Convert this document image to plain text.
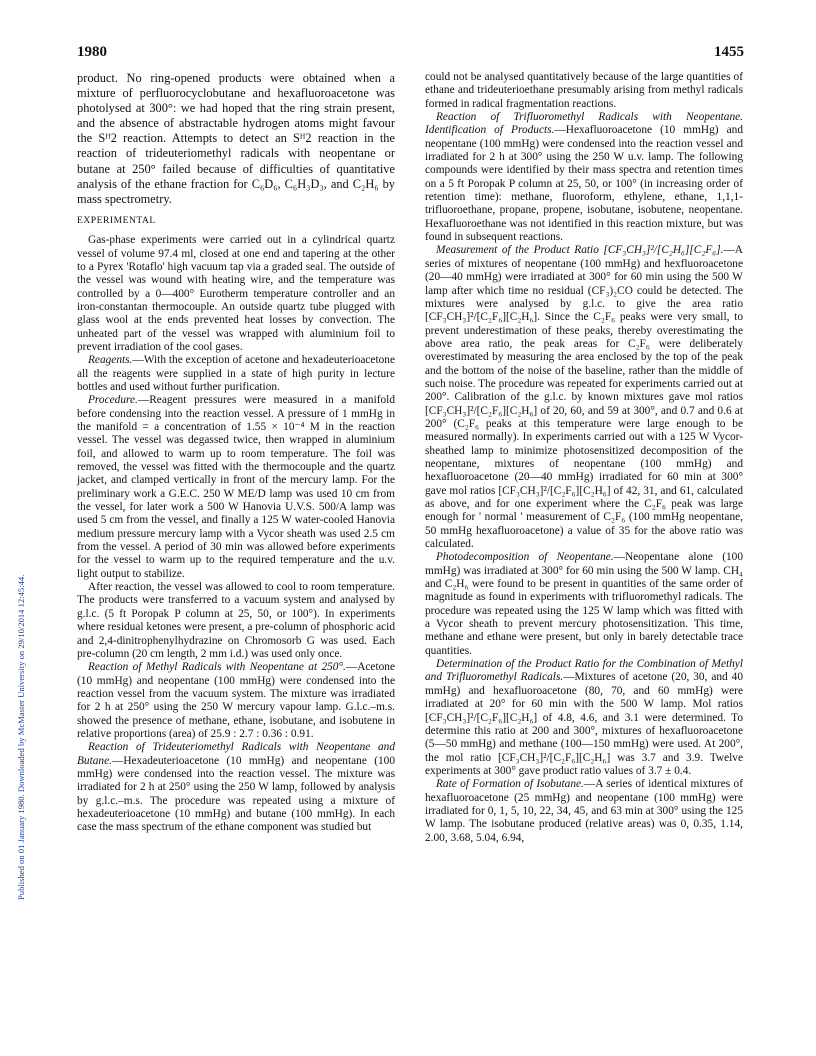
1980	1455
Published on 01 January 1980. Downloaded by McMaster University on 29/10/2014 12:45:44.

product. No ring-opened products were obtained when a mixture of perfluorocyclobutane and hexafluoroacetone was photolysed at 300°: we had hoped that the ring strain present, and the absence of abstractable hydrogen atoms might favour the Sᴴ2 reaction. Attempts to detect an Sᴴ2 reaction in the reaction of trideuteriomethyl radicals with neopentane or butane at 250° failed because of difficulties of quantitative analysis of the ethane fraction for C₆D₆, C₆H₃D₃, and C₂H₆ by mass spectrometry.

EXPERIMENTAL

Gas-phase experiments were carried out in a cylindrical quartz vessel of volume 97.4 ml, closed at one end and tapering at the other to a Pyrex 'Rotaflo' high vacuum tap via a graded seal. The outside of the vessel was wound with heating wire, and the temperature was controlled by a 0—400° Eurotherm temperature controller and an iron-constantan thermocouple. An outside quartz tube plugged with glass wool at the ends prevented heat losses by convection. The unheated part of the vessel was wrapped with aluminium foil to prevent irradiation of the cool gases.

Reagents.—With the exception of acetone and hexadeuterioacetone all the reagents were supplied in a state of high purity in lecture bottles and used without further purification.

Procedure.—Reagent pressures were measured in a manifold before condensing into the reaction vessel. A pressure of 1 mmHg in the manifold = a concentration of 1.55 × 10⁻⁴ M in the reaction vessel. The vessel was degassed twice, then wrapped in aluminium foil, and allowed to warm up to room temperature. The foil was removed, the vessel was fitted with the thermocouple and the quartz jacket, and clamped vertically in front of the mercury lamp. For the preliminary work a G.E.C. 250 W ME/D lamp was used 10 cm from the vessel, for later work a 500 W Hanovia U.V.S. 500/A lamp was used 5 cm from the vessel, and finally a 125 W water-cooled Hanovia medium pressure mercury lamp with a Vycor sheath was used 2.5 cm from the vessel. A period of 30 min was allowed before experiments for the vessel to warm up to the required temperature and the u.v. light output to stabilize.

After reaction, the vessel was allowed to cool to room temperature. The products were transferred to a vacuum system and analysed by g.l.c. (5 ft Poropak P column at 25, 50, or 100°). In experiments where residual ketones were present, a pre-column of phosphoric acid and 2,4-dinitrophenylhydrazine on Chromosorb G was used. Each pre-column (20 cm length, 2 mm i.d.) was used only once.

Reaction of Methyl Radicals with Neopentane at 250°.—Acetone (10 mmHg) and neopentane (100 mmHg) were condensed into the reaction vessel from the vacuum system. The mixture was irradiated for 2 h at 250° using the 250 W mercury vapour lamp. G.l.c.–m.s. showed the presence of methane, ethane, isobutane, and isobutene in relative proportions (area) of 25.9 : 2.7 : 0.36 : 0.91.

Reaction of Trideuteriomethyl Radicals with Neopentane and Butane.—Hexadeuterioacetone (10 mmHg) and neopentane (100 mmHg) were condensed into the reaction vessel. The mixture was irradiated for 2 h at 250° using the 250 W lamp, followed by analysis by g.l.c.–m.s. The procedure was repeated using a mixture of hexadeuterioacetone (10 mmHg) and butane (100 mmHg). In each case the mass spectrum of the ethane component was studied but

could not be analysed quantitatively because of the large quantities of ethane and trideuterioethane presumably arising from methyl radicals formed in radical fragmentation reactions.

Reaction of Trifluoromethyl Radicals with Neopentane. Identification of Products.—Hexafluoroacetone (10 mmHg) and neopentane (100 mmHg) were condensed into the reaction vessel and irradiated for 2 h at 300° using the 250 W u.v. lamp. The following compounds were identified by their mass spectra and retention times on a 5 ft Poropak P column at 25, 50, or 100° (in increasing order of retention time): methane, fluoroform, ethylene, ethane, 1,1,1-trifluoroethane, propane, propene, isobutane, isobutene, neopentane. Hexafluoroethane was not identified in this reaction mixture, but was found in subsequent reactions.

Measurement of the Product Ratio [CF₃CH₃]²/[C₂H₆][C₂F₆].—A series of mixtures of neopentane (100 mmHg) and hexfluoroacetone (20—40 mmHg) were irradiated at 300° for 60 min using the 500 W lamp after which time no residual (CF₃)₂CO could be detected. The mixtures were analysed by g.l.c. to give the area ratio [CF₃CH₃]²/[C₂F₆][C₂H₆]. Since the C₂F₆ peaks were very small, to prevent underestimation of these peaks, thereby overestimating the above area ratio, the peak areas for C₂F₆ were deliberately overestimated by measuring the area enclosed by the top of the peak and the bottom of the noise of the baseline, rather than the middle of such noise. The procedure was repeated for experiments carried out at 200°. Calibration of the g.l.c. by known mixtures gave mol ratios [CF₃CH₃]²/[C₂F₆][C₂H₆] of 20, 60, and 59 at 300°, and 0.7 and 0.6 at 200° (C₂F₆ peaks at this temperature were large enough to be measured normally). In experiments carried out with a 125 W Vycor-sheathed lamp to minimize photosensitized decomposition of the neopentane, mixtures of neopentane (100 mmHg) and hexafluoroacetone (20—40 mmHg) irradiated for 60 min at 300° gave mol ratios [CF₃CH₃]²/[C₂F₆][C₂H₆] of 42, 31, and 61, calculated as above, and for one experiment where the C₂F₆ peak was large enough for ' normal ' measurement of C₂F₆ (100 mmHg neopentane, 50 mmHg hexafluoroacetone) a value of 35 for the above ratio was calculated.

Photodecomposition of Neopentane.—Neopentane alone (100 mmHg) was irradiated at 300° for 60 min using the 500 W lamp. CH₄ and C₂H₆ were found to be present in quantities of the same order of magnitude as found in experiments with trifluoromethyl radicals. The procedure was repeated using the 125 W lamp which was fitted with a Vycor sheath to prevent mercury photosensitization. This time, methane and ethane were present, but only in barely detectable trace quantities.

Determination of the Product Ratio for the Combination of Methyl and Trifluoromethyl Radicals.—Mixtures of acetone (20, 30, and 40 mmHg) and hexafluoroacetone (80, 70, and 60 mmHg) were irradiated at 20° for 60 min with the 500 W lamp. Mol ratios [CF₃CH₃]²/[C₂F₆][C₂H₆] of 4.8, 4.6, and 3.1 were determined. To determine this ratio at 200 and 300°, mixtures of hexafluoroacetone (5—50 mmHg) and methane (100—150 mmHg) were used. At 200°, the mol ratio [CF₃CH₃]²/[C₂F₆][C₂H₆] was 3.7 and 3.9. Twelve experiments at 300° gave product ratio values of 3.7 ± 0.4.

Rate of Formation of Isobutane.—A series of identical mixtures of hexafluoroacetone (25 mmHg) and neopentane (100 mmHg) were irradiated for 0, 1, 5, 10, 22, 34, 45, and 63 min at 300° using the 125 W lamp. The isobutane produced (relative areas) was 0, 0.35, 1.14, 2.00, 3.68, 5.04, 6.94,
